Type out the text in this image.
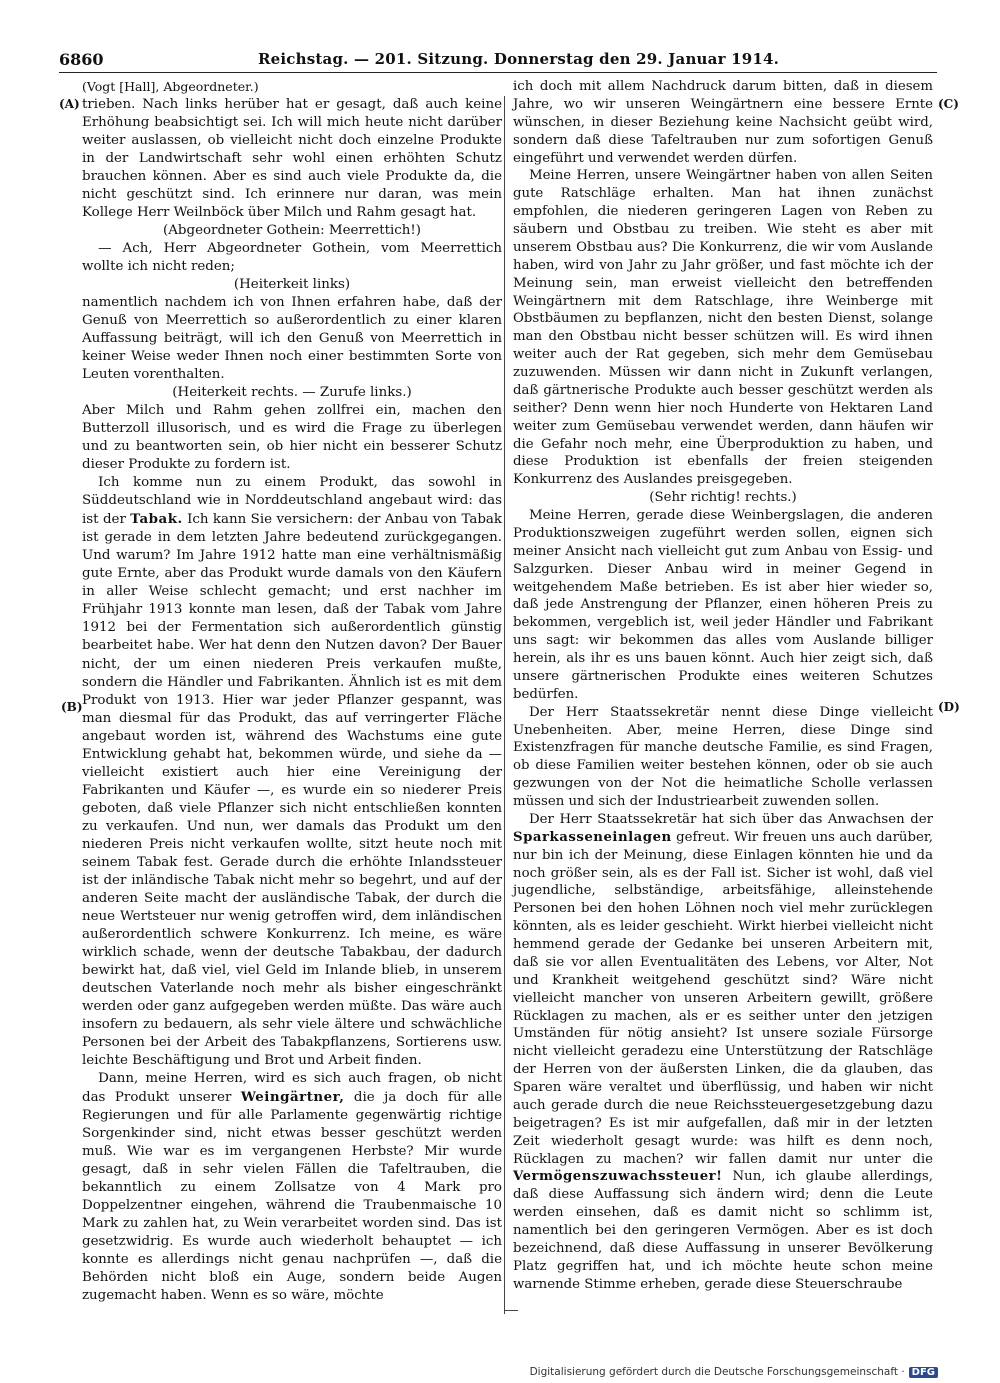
6860	Reichstag. — 201. Sitzung. Donnerstag den 29. Januar 1914.
(A)
(B)
(C)
(D)

(Vogt [Hall], Abgeordneter.)

trieben. Nach links herüber hat er gesagt, daß auch keine Erhöhung beabsichtigt sei. Ich will mich heute nicht darüber weiter auslassen, ob vielleicht nicht doch einzelne Produkte in der Landwirtschaft sehr wohl einen erhöhten Schutz brauchen können. Aber es sind auch viele Produkte da, die nicht geschützt sind. Ich erinnere nur daran, was mein Kollege Herr Weilnböck über Milch und Rahm gesagt hat.

(Abgeordneter Gothein: Meerrettich!)

— Ach, Herr Abgeordneter Gothein, vom Meerrettich wollte ich nicht reden;

(Heiterkeit links)

namentlich nachdem ich von Ihnen erfahren habe, daß der Genuß von Meerrettich so außerordentlich zu einer klaren Auffassung beiträgt, will ich den Genuß von Meerrettich in keiner Weise weder Ihnen noch einer bestimmten Sorte von Leuten vorenthalten.

(Heiterkeit rechts. — Zurufe links.)

Aber Milch und Rahm gehen zollfrei ein, machen den Butterzoll illusorisch, und es wird die Frage zu überlegen und zu beantworten sein, ob hier nicht ein besserer Schutz dieser Produkte zu fordern ist.

Ich komme nun zu einem Produkt, das sowohl in Süddeutschland wie in Norddeutschland angebaut wird: das ist der Tabak. Ich kann Sie versichern: der Anbau von Tabak ist gerade in dem letzten Jahre bedeutend zurückgegangen. Und warum? Im Jahre 1912 hatte man eine verhältnismäßig gute Ernte, aber das Produkt wurde damals von den Käufern in aller Weise schlecht gemacht; und erst nachher im Frühjahr 1913 konnte man lesen, daß der Tabak vom Jahre 1912 bei der Fermentation sich außerordentlich günstig bearbeitet habe. Wer hat denn den Nutzen davon? Der Bauer nicht, der um einen niederen Preis verkaufen mußte, sondern die Händler und Fabrikanten. Ähnlich ist es mit dem Produkt von 1913. Hier war jeder Pflanzer gespannt, was man diesmal für das Produkt, das auf verringerter Fläche angebaut worden ist, während des Wachstums eine gute Entwicklung gehabt hat, bekommen würde, und siehe da — vielleicht existiert auch hier eine Vereinigung der Fabrikanten und Käufer —, es wurde ein so niederer Preis geboten, daß viele Pflanzer sich nicht entschließen konnten zu verkaufen. Und nun, wer damals das Produkt um den niederen Preis nicht verkaufen wollte, sitzt heute noch mit seinem Tabak fest. Gerade durch die erhöhte Inlandssteuer ist der inländische Tabak nicht mehr so begehrt, und auf der anderen Seite macht der ausländische Tabak, der durch die neue Wertsteuer nur wenig getroffen wird, dem inländischen außerordentlich schwere Konkurrenz. Ich meine, es wäre wirklich schade, wenn der deutsche Tabakbau, der dadurch bewirkt hat, daß viel, viel Geld im Inlande blieb, in unserem deutschen Vaterlande noch mehr als bisher eingeschränkt werden oder ganz aufgegeben werden müßte. Das wäre auch insofern zu bedauern, als sehr viele ältere und schwächliche Personen bei der Arbeit des Tabakpflanzens, Sortierens usw. leichte Beschäftigung und Brot und Arbeit finden.

Dann, meine Herren, wird es sich auch fragen, ob nicht das Produkt unserer Weingärtner, die ja doch für alle Regierungen und für alle Parlamente gegenwärtig richtige Sorgenkinder sind, nicht etwas besser geschützt werden muß. Wie war es im vergangenen Herbste? Mir wurde gesagt, daß in sehr vielen Fällen die Tafeltrauben, die bekanntlich zu einem Zollsatze von 4 Mark pro Doppelzentner eingehen, während die Traubenmaische 10 Mark zu zahlen hat, zu Wein verarbeitet worden sind. Das ist gesetzwidrig. Es wurde auch wiederholt behauptet — ich konnte es allerdings nicht genau nachprüfen —, daß die Behörden nicht bloß ein Auge, sondern beide Augen zugemacht haben. Wenn es so wäre, möchte

ich doch mit allem Nachdruck darum bitten, daß in diesem Jahre, wo wir unseren Weingärtnern eine bessere Ernte wünschen, in dieser Beziehung keine Nachsicht geübt wird, sondern daß diese Tafeltrauben nur zum sofortigen Genuß eingeführt und verwendet werden dürfen.

Meine Herren, unsere Weingärtner haben von allen Seiten gute Ratschläge erhalten. Man hat ihnen zunächst empfohlen, die niederen geringeren Lagen von Reben zu säubern und Obstbau zu treiben. Wie steht es aber mit unserem Obstbau aus? Die Konkurrenz, die wir vom Auslande haben, wird von Jahr zu Jahr größer, und fast möchte ich der Meinung sein, man erweist vielleicht den betreffenden Weingärtnern mit dem Ratschlage, ihre Weinberge mit Obstbäumen zu bepflanzen, nicht den besten Dienst, solange man den Obstbau nicht besser schützen will. Es wird ihnen weiter auch der Rat gegeben, sich mehr dem Gemüsebau zuzuwenden. Müssen wir dann nicht in Zukunft verlangen, daß gärtnerische Produkte auch besser geschützt werden als seither? Denn wenn hier noch Hunderte von Hektaren Land weiter zum Gemüsebau verwendet werden, dann häufen wir die Gefahr noch mehr, eine Überproduktion zu haben, und diese Produktion ist ebenfalls der freien steigenden Konkurrenz des Auslandes preisgegeben.

(Sehr richtig! rechts.)

Meine Herren, gerade diese Weinbergslagen, die anderen Produktionszweigen zugeführt werden sollen, eignen sich meiner Ansicht nach vielleicht gut zum Anbau von Essig- und Salzgurken. Dieser Anbau wird in meiner Gegend in weitgehendem Maße betrieben. Es ist aber hier wieder so, daß jede Anstrengung der Pflanzer, einen höheren Preis zu bekommen, vergeblich ist, weil jeder Händler und Fabrikant uns sagt: wir bekommen das alles vom Auslande billiger herein, als ihr es uns bauen könnt. Auch hier zeigt sich, daß unsere gärtnerischen Produkte eines weiteren Schutzes bedürfen.

Der Herr Staatssekretär nennt diese Dinge vielleicht Unebenheiten. Aber, meine Herren, diese Dinge sind Existenzfragen für manche deutsche Familie, es sind Fragen, ob diese Familien weiter bestehen können, oder ob sie auch gezwungen von der Not die heimatliche Scholle verlassen müssen und sich der Industriearbeit zuwenden sollen.

Der Herr Staatssekretär hat sich über das Anwachsen der Sparkasseneinlagen gefreut. Wir freuen uns auch darüber, nur bin ich der Meinung, diese Einlagen könnten hie und da noch größer sein, als es der Fall ist. Sicher ist wohl, daß viel jugendliche, selbständige, arbeitsfähige, alleinstehende Personen bei den hohen Löhnen noch viel mehr zurücklegen könnten, als es leider geschieht. Wirkt hierbei vielleicht nicht hemmend gerade der Gedanke bei unseren Arbeitern mit, daß sie vor allen Eventualitäten des Lebens, vor Alter, Not und Krankheit weitgehend geschützt sind? Wäre nicht vielleicht mancher von unseren Arbeitern gewillt, größere Rücklagen zu machen, als er es seither unter den jetzigen Umständen für nötig ansieht? Ist unsere soziale Fürsorge nicht vielleicht geradezu eine Unterstützung der Ratschläge der Herren von der äußersten Linken, die da glauben, das Sparen wäre veraltet und überflüssig, und haben wir nicht auch gerade durch die neue Reichssteuergesetzgebung dazu beigetragen? Es ist mir aufgefallen, daß mir in der letzten Zeit wiederholt gesagt wurde: was hilft es denn noch, Rücklagen zu machen? wir fallen damit nur unter die Vermögenszuwachssteuer! Nun, ich glaube allerdings, daß diese Auffassung sich ändern wird; denn die Leute werden einsehen, daß es damit nicht so schlimm ist, namentlich bei den geringeren Vermögen. Aber es ist doch bezeichnend, daß diese Auffassung in unserer Bevölkerung Platz gegriffen hat, und ich möchte heute schon meine warnende Stimme erheben, gerade diese Steuerschraube

Digitalisierung gefördert durch die Deutsche Forschungsgemeinschaft · DFG
